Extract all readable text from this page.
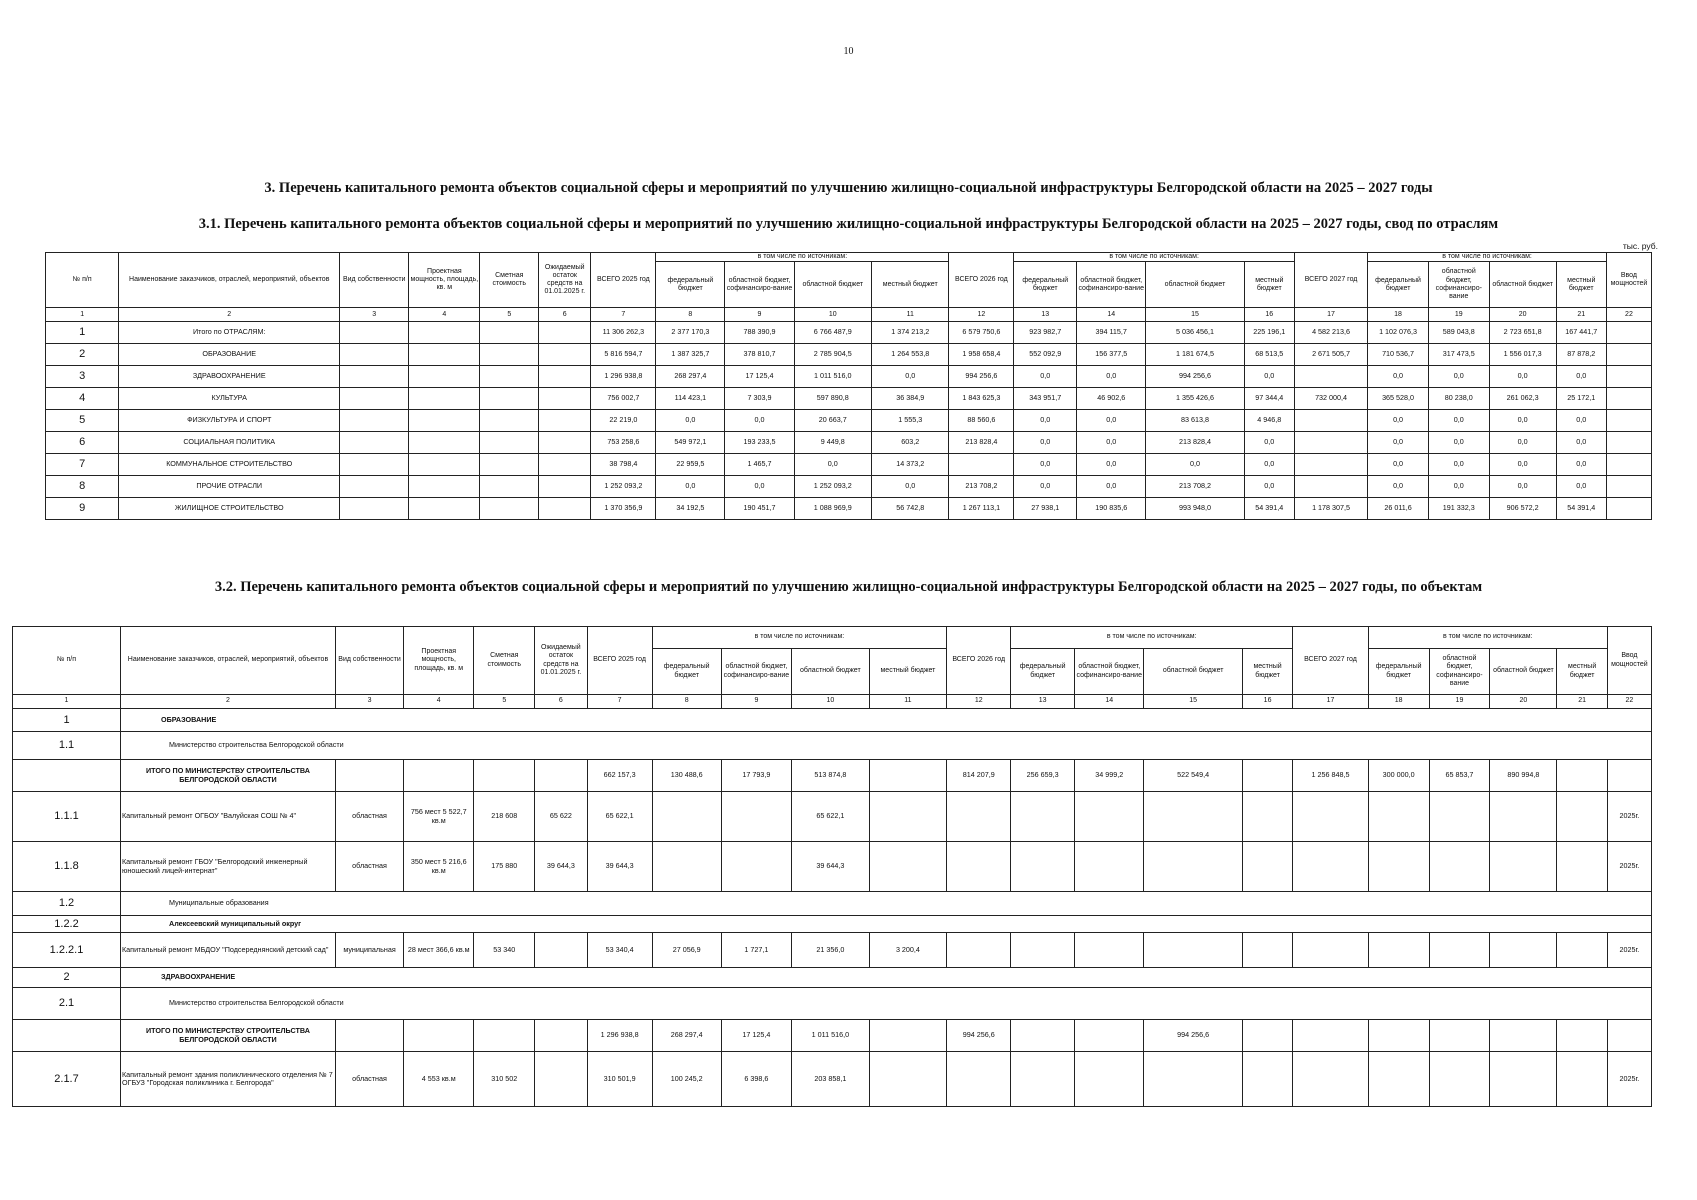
10
3. Перечень капитального ремонта объектов социальной сферы и мероприятий по улучшению жилищно-социальной инфраструктуры Белгородской области на 2025 – 2027 годы
3.1. Перечень капитального ремонта объектов социальной сферы и мероприятий по улучшению жилищно-социальной инфраструктуры Белгородской области на 2025 – 2027 годы, свод по отраслям
тыс. руб.
№ п/п	Наименование заказчиков, отраслей, мероприятий, объектов	Вид собственности	Проектная мощность, площадь, кв. м	Сметная стоимость	Ожидаемый остаток средств на 01.01.2025 г.	ВСЕГО 2025 год	в том числе по источникам:				ВСЕГО 2026 год	в том числе по источникам:				ВСЕГО 2027 год	в том числе по источникам:				Ввод мощностей
							федеральный бюджет	областной бюджет, софинансиро-вание	областной бюджет	местный бюджет		федеральный бюджет	областной бюджет, софинансиро-вание	областной бюджет	местный бюджет		федеральный бюджет	областной бюджет, софинансиро-вание	областной бюджет	местный бюджет	
1	2	3	4	5	6	7	8	9	10	11	12	13	14	15	16	17	18	19	20	21	22
1	Итого по ОТРАСЛЯМ:					11 306 262,3	2 377 170,3	788 390,9	6 766 487,9	1 374 213,2	6 579 750,6	923 982,7	394 115,7	5 036 456,1	225 196,1	4 582 213,6	1 102 076,3	589 043,8	2 723 651,8	167 441,7	
2	ОБРАЗОВАНИЕ					5 816 594,7	1 387 325,7	378 810,7	2 785 904,5	1 264 553,8	1 958 658,4	552 092,9	156 377,5	1 181 674,5	68 513,5	2 671 505,7	710 536,7	317 473,5	1 556 017,3	87 878,2	
3	ЗДРАВООХРАНЕНИЕ					1 296 938,8	268 297,4	17 125,4	1 011 516,0	0,0	994 256,6	0,0	0,0	994 256,6	0,0		0,0	0,0	0,0	0,0	
4	КУЛЬТУРА					756 002,7	114 423,1	7 303,9	597 890,8	36 384,9	1 843 625,3	343 951,7	46 902,6	1 355 426,6	97 344,4	732 000,4	365 528,0	80 238,0	261 062,3	25 172,1	
5	ФИЗКУЛЬТУРА И СПОРТ					22 219,0	0,0	0,0	20 663,7	1 555,3	88 560,6	0,0	0,0	83 613,8	4 946,8		0,0	0,0	0,0	0,0	
6	СОЦИАЛЬНАЯ ПОЛИТИКА					753 258,6	549 972,1	193 233,5	9 449,8	603,2	213 828,4	0,0	0,0	213 828,4	0,0		0,0	0,0	0,0	0,0	
7	КОММУНАЛЬНОЕ СТРОИТЕЛЬСТВО					38 798,4	22 959,5	1 465,7	0,0	14 373,2		0,0	0,0	0,0	0,0		0,0	0,0	0,0	0,0	
8	ПРОЧИЕ ОТРАСЛИ					1 252 093,2	0,0	0,0	1 252 093,2	0,0	213 708,2	0,0	0,0	213 708,2	0,0		0,0	0,0	0,0	0,0	
9	ЖИЛИЩНОЕ СТРОИТЕЛЬСТВО					1 370 356,9	34 192,5	190 451,7	1 088 969,9	56 742,8	1 267 113,1	27 938,1	190 835,6	993 948,0	54 391,4	1 178 307,5	26 011,6	191 332,3	906 572,2	54 391,4	
3.2. Перечень капитального ремонта объектов социальной сферы и мероприятий по улучшению жилищно-социальной инфраструктуры Белгородской области на 2025 – 2027 годы, по объектам
№ п/п	Наименование заказчиков, отраслей, мероприятий, объектов	Вид собственности	Проектная мощность, площадь, кв. м	Сметная стоимость	Ожидаемый остаток средств на 01.01.2025 г.	ВСЕГО 2025 год	в том числе по источникам:				ВСЕГО 2026 год	в том числе по источникам:				ВСЕГО 2027 год	в том числе по источникам:				Ввод мощностей
							федеральный бюджет	областной бюджет, софинансиро-вание	областной бюджет	местный бюджет		федеральный бюджет	областной бюджет, софинансиро-вание	областной бюджет	местный бюджет		федеральный бюджет	областной бюджет, софинансиро-вание	областной бюджет	местный бюджет	
1	2	3	4	5	6	7	8	9	10	11	12	13	14	15	16	17	18	19	20	21	22
1	ОБРАЗОВАНИЕ																				
1.1	Министерство строительства Белгородской области																				
	ИТОГО ПО МИНИСТЕРСТВУ СТРОИТЕЛЬСТВА БЕЛГОРОДСКОЙ ОБЛАСТИ					662 157,3	130 488,6	17 793,9	513 874,8		814 207,9	256 659,3	34 999,2	522 549,4		1 256 848,5	300 000,0	65 853,7	890 994,8		
1.1.1	Капитальный ремонт ОГБОУ "Валуйская СОШ № 4"	областная	756 мест 5 522,7 кв.м	218 608	65 622	65 622,1			65 622,1												2025г.
1.1.8	Капитальный ремонт ГБОУ "Белгородский инженерный юношеский лицей-интернат"	областная	350 мест 5 216,6 кв.м	175 880	39 644,3	39 644,3			39 644,3												2025г.
1.2	Муниципальные образования																				
1.2.2	Алексеевский муниципальный округ																				
1.2.2.1	Капитальный ремонт МБДОУ "Подсереднянский детский сад"	муниципальная	28 мест 366,6 кв.м	53 340		53 340,4	27 056,9	1 727,1	21 356,0	3 200,4											2025г.
2	ЗДРАВООХРАНЕНИЕ																				
2.1	Министерство строительства Белгородской области																				
	ИТОГО ПО МИНИСТЕРСТВУ СТРОИТЕЛЬСТВА БЕЛГОРОДСКОЙ ОБЛАСТИ					1 296 938,8	268 297,4	17 125,4	1 011 516,0		994 256,6			994 256,6							
2.1.7	Капитальный ремонт здания поликлинического отделения № 7 ОГБУЗ "Городская поликлиника г. Белгорода"	областная	4 553 кв.м	310 502		310 501,9	100 245,2	6 398,6	203 858,1												2025г.
